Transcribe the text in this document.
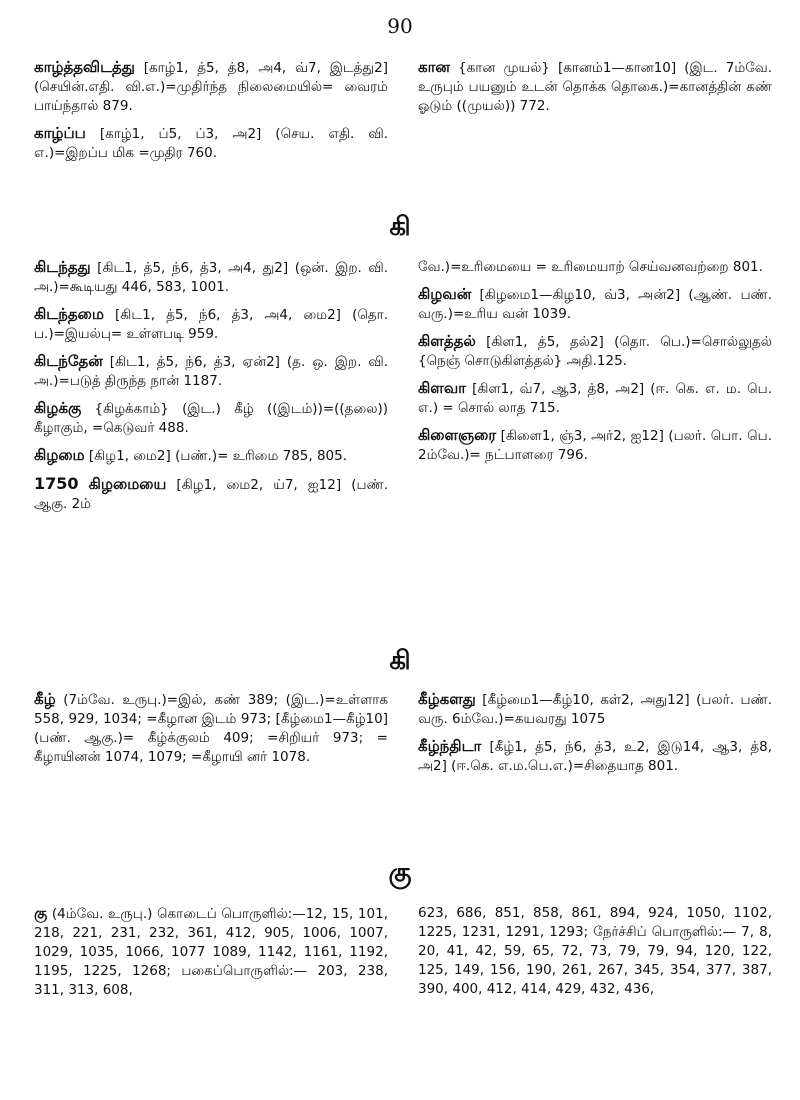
90

காழ்த்தவிடத்து [காழ்1, த்5, த்8, அ4, வ்7, இடத்து2] (செயின்.எதி. வி.எ.)=முதிர்ந்த நிலைமையில்= வைரம் பாய்ந்தால் 879.

காழ்ப்ப [காழ்1, ப்5, ப்3, அ2] (செய. எதி. வி. எ.)=இறப்ப மிக =முதிர 760.

கான {கான முயல்} [கானம்1—கான10] (இட. 7ம்வே. உருபும் பயனும் உடன் தொக்க தொகை.)=கானத்தின் கண் ஓடும் ((முயல்)) 772.

கி

கிடந்தது [கிட1, த்5, ந்6, த்3, அ4, து2] (ஒன். இற. வி. அ.)=கூடியது 446, 583, 1001.

கிடந்தமை [கிட1, த்5, ந்6, த்3, அ4, மை2] (தொ. ப.)=இயல்பு= உள்ளபடி 959.

கிடந்தேன் [கிட1, த்5, ந்6, த்3, ஏன்2] (த. ஒ. இற. வி. அ.)=படுத் திருந்த நான் 1187.

கிழக்கு {கிழக்காம்} (இட.) கீழ் ((இடம்))=((தலை)) கீழாகும், =கெடுவர் 488.

கிழமை [கிழ1, மை2] (பண்.)= உரிமை 785, 805.

1750 கிழமையை [கிழ1, மை2, ய்7, ஐ12] (பண். ஆகு. 2ம்

வே.)=உரிமையை = உரிமையாற் செய்வனவற்றை 801.

கிழவன் [கிழமை1—கிழ10, வ்3, அன்2] (ஆண். பண். வரு.)=உரிய வன் 1039.

கிளத்தல் [கிள1, த்5, தல்2] (தொ. பெ.)=சொல்லுதல் {நெஞ் சொடுகிளத்தல்} அதி.125.

கிளவா [கிள1, வ்7, ஆ3, த்8, அ2] (ஈ. கெ. எ. ம. பெ. எ.) = சொல் லாத 715.

கிளைஞரை [கிளை1, ஞ்3, அர்2, ஐ12] (பலர். பொ. பெ. 2ம்வே.)= நட்பாளரை 796.

கி

கீழ் (7ம்வே. உருபு.)=இல், கண் 389; (இட.)=உள்ளாக 558, 929, 1034; =கீழான இடம் 973; [கீழ்மை1—கீழ்10] (பண். ஆகு.)= கீழ்க்குலம் 409; =சிறியர் 973; = கீழாயினன் 1074, 1079; =கீழாயி னர் 1078.

கீழ்களது [கீழ்மை1—கீழ்10, கள்2, அது12] (பலர். பண். வரு. 6ம்வே.)=கயவரது 1075

கீழ்ந்திடா [கீழ்1, த்5, ந்6, த்3, உ2, இடு14, ஆ3, த்8, அ2] (ஈ.கெ. எ.ம.பெ.எ.)=சிதையாத 801.

கு

கு (4ம்வே. உருபு.) கொடைப் பொருளில்:—12, 15, 101, 218, 221, 231, 232, 361, 412, 905, 1006, 1007, 1029, 1035, 1066, 1077 1089, 1142, 1161, 1192, 1195, 1225, 1268; பகைப்பொருளில்:— 203, 238, 311, 313, 608,

623, 686, 851, 858, 861, 894, 924, 1050, 1102, 1225, 1231, 1291, 1293; நேர்ச்சிப் பொருளில்:— 7, 8, 20, 41, 42, 59, 65, 72, 73, 79, 79, 94, 120, 122, 125, 149, 156, 190, 261, 267, 345, 354, 377, 387, 390, 400, 412, 414, 429, 432, 436,
